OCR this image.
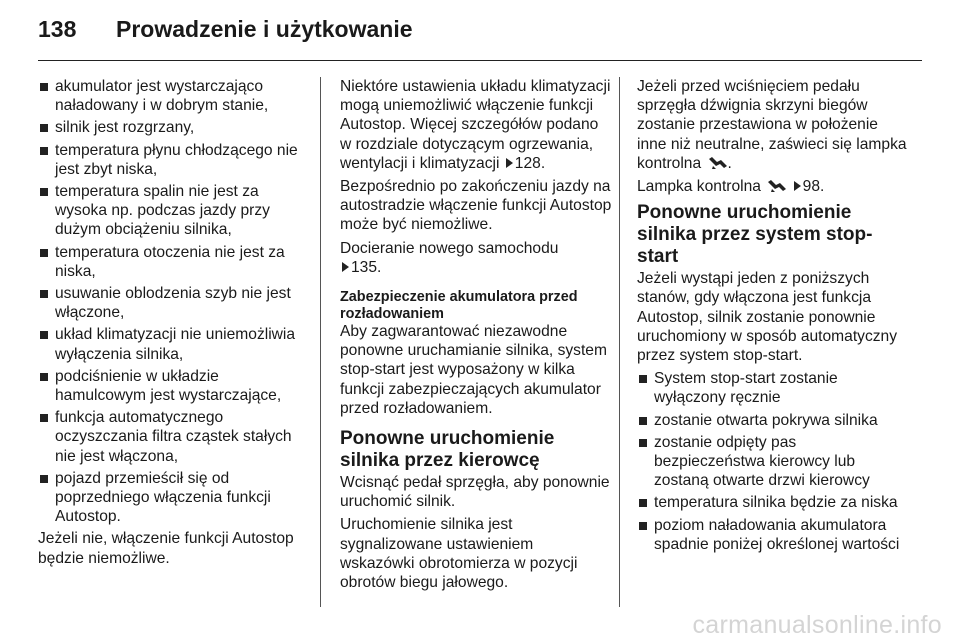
138	Prowadzenie i użytkowanie
akumulator jest wystarczająco naładowany i w dobrym stanie,
silnik jest rozgrzany,
temperatura płynu chłodzącego nie jest zbyt niska,
temperatura spalin nie jest za wysoka np. podczas jazdy przy dużym obciążeniu silnika,
temperatura otoczenia nie jest za niska,
usuwanie oblodzenia szyb nie jest włączone,
układ klimatyzacji nie uniemożliwia wyłączenia silnika,
podciśnienie w układzie hamulcowym jest wystarczające,
funkcja automatycznego oczyszczania filtra cząstek stałych nie jest włączona,
pojazd przemieścił się od poprzedniego włączenia funkcji Autostop.

Jeżeli nie, włączenie funkcji Autostop będzie niemożliwe.

Niektóre ustawienia układu klimatyzacji mogą uniemożliwić włączenie funkcji Autostop. Więcej szczegółów podano w rozdziale dotyczącym ogrzewania, wentylacji i klimatyzacji 128.

Bezpośrednio po zakończeniu jazdy na autostradzie włączenie funkcji Autostop może być niemożliwe.

Docieranie nowego samochodu
135.

Zabezpieczenie akumulatora przed rozładowaniem

Aby zagwarantować niezawodne ponowne uruchamianie silnika, system stop-start jest wyposażony w kilka funkcji zabezpieczających akumulator przed rozładowaniem.

Ponowne uruchomienie silnika przez kierowcę

Wcisnąć pedał sprzęgła, aby ponownie uruchomić silnik.

Uruchomienie silnika jest sygnalizowane ustawieniem wskazówki obrotomierza w pozycji obrotów biegu jałowego.

Jeżeli przed wciśnięciem pedału sprzęgła dźwignia skrzyni biegów zostanie przestawiona w położenie inne niż neutralne, zaświeci się lampka kontrolna .

Lampka kontrolna	98.

Ponowne uruchomienie silnika przez system stop-start

Jeżeli wystąpi jeden z poniższych stanów, gdy włączona jest funkcja Autostop, silnik zostanie ponownie uruchomiony w sposób automatyczny przez system stop-start.

System stop-start zostanie wyłączony ręcznie
zostanie otwarta pokrywa silnika
zostanie odpięty pas bezpieczeństwa kierowcy lub zostaną otwarte drzwi kierowcy
temperatura silnika będzie za niska
poziom naładowania akumulatora spadnie poniżej określonej wartości
carmanualsonline.info
